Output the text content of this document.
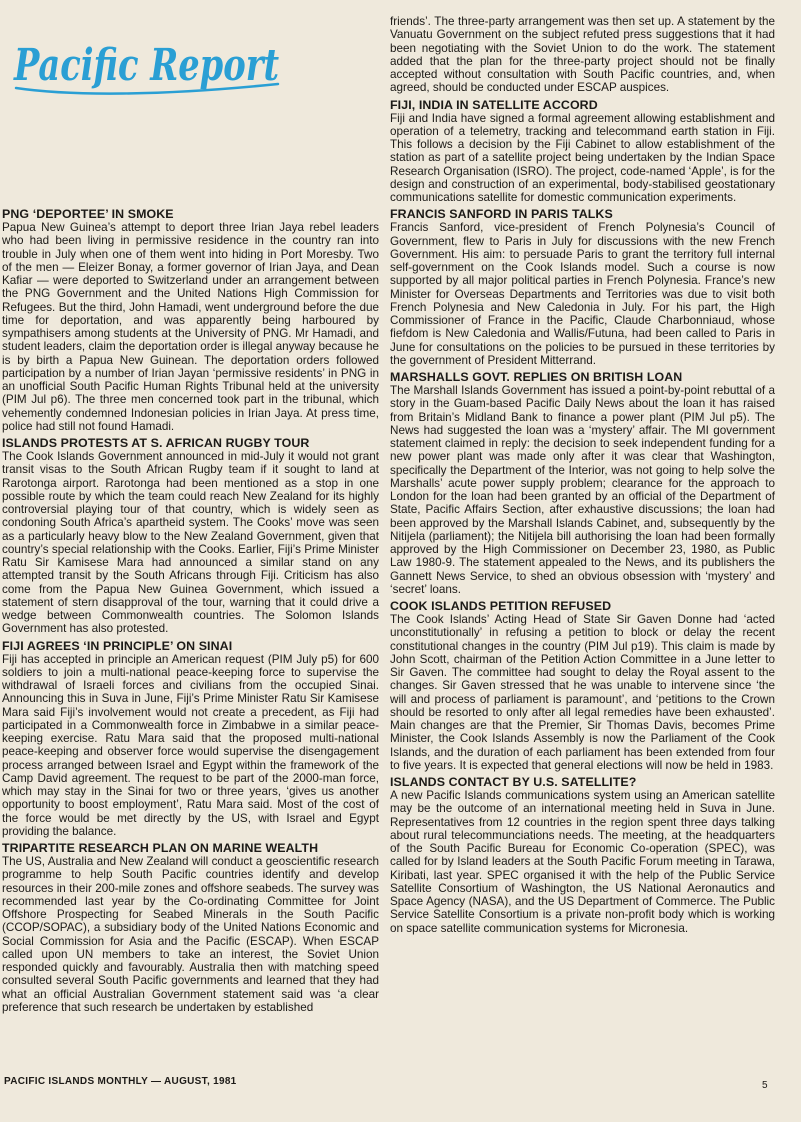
Pacific Report
PNG ‘DEPORTEE’ IN SMOKE

Papua New Guinea’s attempt to deport three Irian Jaya rebel leaders who had been living in permissive residence in the country ran into trouble in July when one of them went into hiding in Port Moresby. Two of the men — Eleizer Bonay, a former governor of Irian Jaya, and Dean Kafiar — were deported to Switzerland under an arrangement between the PNG Government and the United Nations High Commission for Refugees. But the third, John Hamadi, went underground before the due time for deportation, and was apparently being harboured by sympathisers among students at the University of PNG. Mr Hamadi, and student leaders, claim the deportation order is illegal anyway because he is by birth a Papua New Guinean. The deportation orders followed participation by a number of Irian Jayan ‘permissive residents’ in PNG in an unofficial South Pacific Human Rights Tribunal held at the university (PIM Jul p6). The three men concerned took part in the tribunal, which vehemently condemned Indonesian policies in Irian Jaya. At press time, police had still not found Hamadi.

ISLANDS PROTESTS AT S. AFRICAN RUGBY TOUR

The Cook Islands Government announced in mid-July it would not grant transit visas to the South African Rugby team if it sought to land at Rarotonga airport. Rarotonga had been mentioned as a stop in one possible route by which the team could reach New Zealand for its highly controversial playing tour of that country, which is widely seen as condoning South Africa’s apartheid system. The Cooks’ move was seen as a particularly heavy blow to the New Zealand Government, given that country’s special relationship with the Cooks. Earlier, Fiji’s Prime Minister Ratu Sir Kamisese Mara had announced a similar stand on any attempted transit by the South Africans through Fiji. Criticism has also come from the Papua New Guinea Government, which issued a statement of stern disapproval of the tour, warning that it could drive a wedge between Commonwealth countries. The Solomon Islands Government has also protested.

FIJI AGREES ‘IN PRINCIPLE’ ON SINAI

Fiji has accepted in principle an American request (PIM July p5) for 600 soldiers to join a multi-national peace-keeping force to supervise the withdrawal of Israeli forces and civilians from the occupied Sinai. Announcing this in Suva in June, Fiji’s Prime Minister Ratu Sir Kamisese Mara said Fiji’s involvement would not create a precedent, as Fiji had participated in a Commonwealth force in Zimbabwe in a similar peace-keeping exercise. Ratu Mara said that the proposed multi-national peace-keeping and observer force would supervise the disengagement process arranged between Israel and Egypt within the framework of the Camp David agreement. The request to be part of the 2000-man force, which may stay in the Sinai for two or three years, ‘gives us another opportunity to boost employment’, Ratu Mara said. Most of the cost of the force would be met directly by the US, with Israel and Egypt providing the balance.

TRIPARTITE RESEARCH PLAN ON MARINE WEALTH

The US, Australia and New Zealand will conduct a geoscientific research programme to help South Pacific countries identify and develop resources in their 200-mile zones and offshore seabeds. The survey was recommended last year by the Co-ordinating Committee for Joint Offshore Prospecting for Seabed Minerals in the South Pacific (CCOP/SOPAC), a subsidiary body of the United Nations Economic and Social Commission for Asia and the Pacific (ESCAP). When ESCAP called upon UN members to take an interest, the Soviet Union responded quickly and favourably. Australia then with matching speed consulted several South Pacific governments and learned that they had what an official Australian Government statement said was ‘a clear preference that such research be undertaken by established

friends’. The three-party arrangement was then set up. A statement by the Vanuatu Government on the subject refuted press suggestions that it had been negotiating with the Soviet Union to do the work. The statement added that the plan for the three-party project should not be finally accepted without consultation with South Pacific countries, and, when agreed, should be conducted under ESCAP auspices.

FIJI, INDIA IN SATELLITE ACCORD

Fiji and India have signed a formal agreement allowing establishment and operation of a telemetry, tracking and telecommand earth station in Fiji. This follows a decision by the Fiji Cabinet to allow establishment of the station as part of a satellite project being undertaken by the Indian Space Research Organisation (ISRO). The project, code-named ‘Apple’, is for the design and construction of an experimental, body-stabilised geostationary communications satellite for domestic communication experiments.

FRANCIS SANFORD IN PARIS TALKS

Francis Sanford, vice-president of French Polynesia’s Council of Government, flew to Paris in July for discussions with the new French Government. His aim: to persuade Paris to grant the territory full internal self-government on the Cook Islands model. Such a course is now supported by all major political parties in French Polynesia. France’s new Minister for Overseas Departments and Territories was due to visit both French Polynesia and New Caledonia in July. For his part, the High Commissioner of France in the Pacific, Claude Charbonniaud, whose fiefdom is New Caledonia and Wallis/Futuna, had been called to Paris in June for consultations on the policies to be pursued in these territories by the government of President Mitterrand.

MARSHALLS GOVT. REPLIES ON BRITISH LOAN

The Marshall Islands Government has issued a point-by-point rebuttal of a story in the Guam-based Pacific Daily News about the loan it has raised from Britain’s Midland Bank to finance a power plant (PIM Jul p5). The News had suggested the loan was a ‘mystery’ affair. The MI government statement claimed in reply: the decision to seek independent funding for a new power plant was made only after it was clear that Washington, specifically the Department of the Interior, was not going to help solve the Marshalls’ acute power supply problem; clearance for the approach to London for the loan had been granted by an official of the Department of State, Pacific Affairs Section, after exhaustive discussions; the loan had been approved by the Marshall Islands Cabinet, and, subsequently by the Nitijela (parliament); the Nitijela bill authorising the loan had been formally approved by the High Commissioner on December 23, 1980, as Public Law 1980-9. The statement appealed to the News, and its publishers the Gannett News Service, to shed an obvious obsession with ‘mystery’ and ‘secret’ loans.

COOK ISLANDS PETITION REFUSED

The Cook Islands’ Acting Head of State Sir Gaven Donne had ‘acted unconstitutionally’ in refusing a petition to block or delay the recent constitutional changes in the country (PIM Jul p19). This claim is made by John Scott, chairman of the Petition Action Committee in a June letter to Sir Gaven. The committee had sought to delay the Royal assent to the changes. Sir Gaven stressed that he was unable to intervene since ‘the will and process of parliament is paramount’, and ‘petitions to the Crown should be resorted to only after all legal remedies have been exhausted’. Main changes are that the Premier, Sir Thomas Davis, becomes Prime Minister, the Cook Islands Assembly is now the Parliament of the Cook Islands, and the duration of each parliament has been extended from four to five years. It is expected that general elections will now be held in 1983.

ISLANDS CONTACT BY U.S. SATELLITE?

A new Pacific Islands communications system using an American satellite may be the outcome of an international meeting held in Suva in June. Representatives from 12 countries in the region spent three days talking about rural telecommunciations needs. The meeting, at the headquarters of the South Pacific Bureau for Economic Co-operation (SPEC), was called for by Island leaders at the South Pacific Forum meeting in Tarawa, Kiribati, last year. SPEC organised it with the help of the Public Service Satellite Consortium of Washington, the US National Aeronautics and Space Agency (NASA), and the US Department of Commerce. The Public Service Satellite Consortium is a private non-profit body which is working on space satellite communication systems for Micronesia.

PACIFIC ISLANDS MONTHLY — AUGUST, 1981	5
